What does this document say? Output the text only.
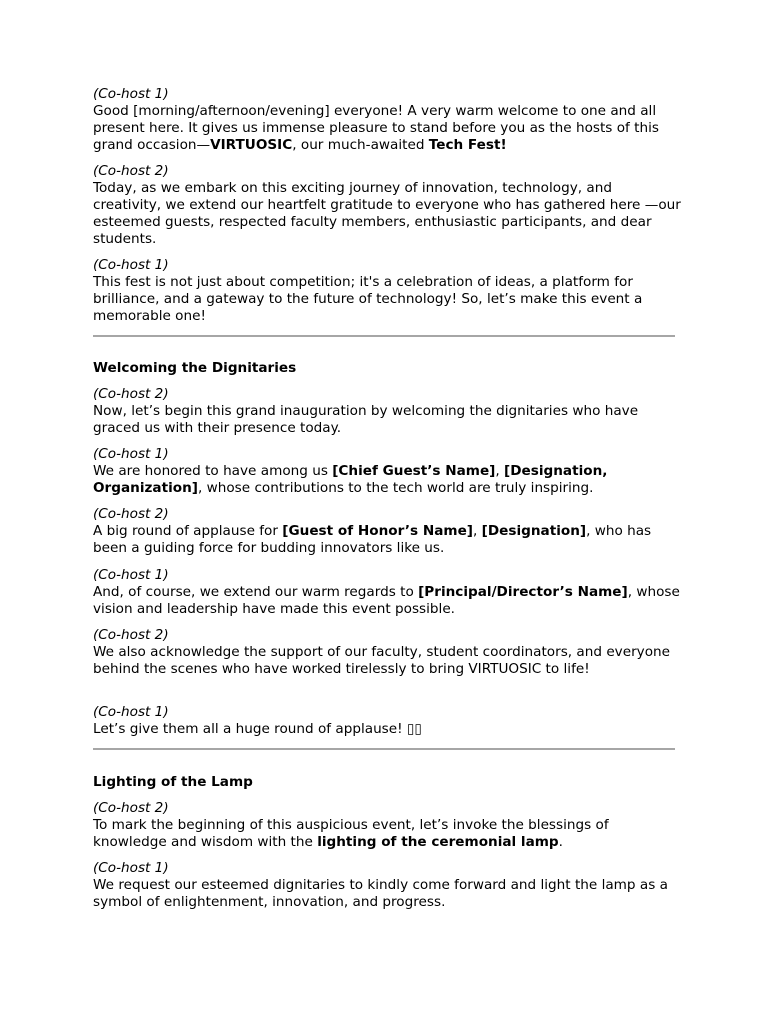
(Co-host 1)
Good [morning/afternoon/evening] everyone! A very warm welcome to one and all present here. It gives us immense pleasure to stand before you as the hosts of this grand occasion—VIRTUOSIC, our much-awaited Tech Fest!
(Co-host 2)
Today, as we embark on this exciting journey of innovation, technology, and creativity, we extend our heartfelt gratitude to everyone who has gathered here —our esteemed guests, respected faculty members, enthusiastic participants, and dear students.
(Co-host 1)
This fest is not just about competition; it's a celebration of ideas, a platform for brilliance, and a gateway to the future of technology! So, let’s make this event a memorable one!
Welcoming the Dignitaries
(Co-host 2)
Now, let’s begin this grand inauguration by welcoming the dignitaries who have graced us with their presence today.
(Co-host 1)
We are honored to have among us [Chief Guest’s Name], [Designation, Organization], whose contributions to the tech world are truly inspiring.
(Co-host 2)
A big round of applause for [Guest of Honor’s Name], [Designation], who has been a guiding force for budding innovators like us.
(Co-host 1)
And, of course, we extend our warm regards to [Principal/Director’s Name], whose vision and leadership have made this event possible.
(Co-host 2)
We also acknowledge the support of our faculty, student coordinators, and everyone behind the scenes who have worked tirelessly to bring VIRTUOSIC to life!
(Co-host 1)
Let’s give them all a huge round of applause! ▯▯
Lighting of the Lamp
(Co-host 2)
To mark the beginning of this auspicious event, let’s invoke the blessings of knowledge and wisdom with the lighting of the ceremonial lamp.
(Co-host 1)
We request our esteemed dignitaries to kindly come forward and light the lamp as a symbol of enlightenment, innovation, and progress.
